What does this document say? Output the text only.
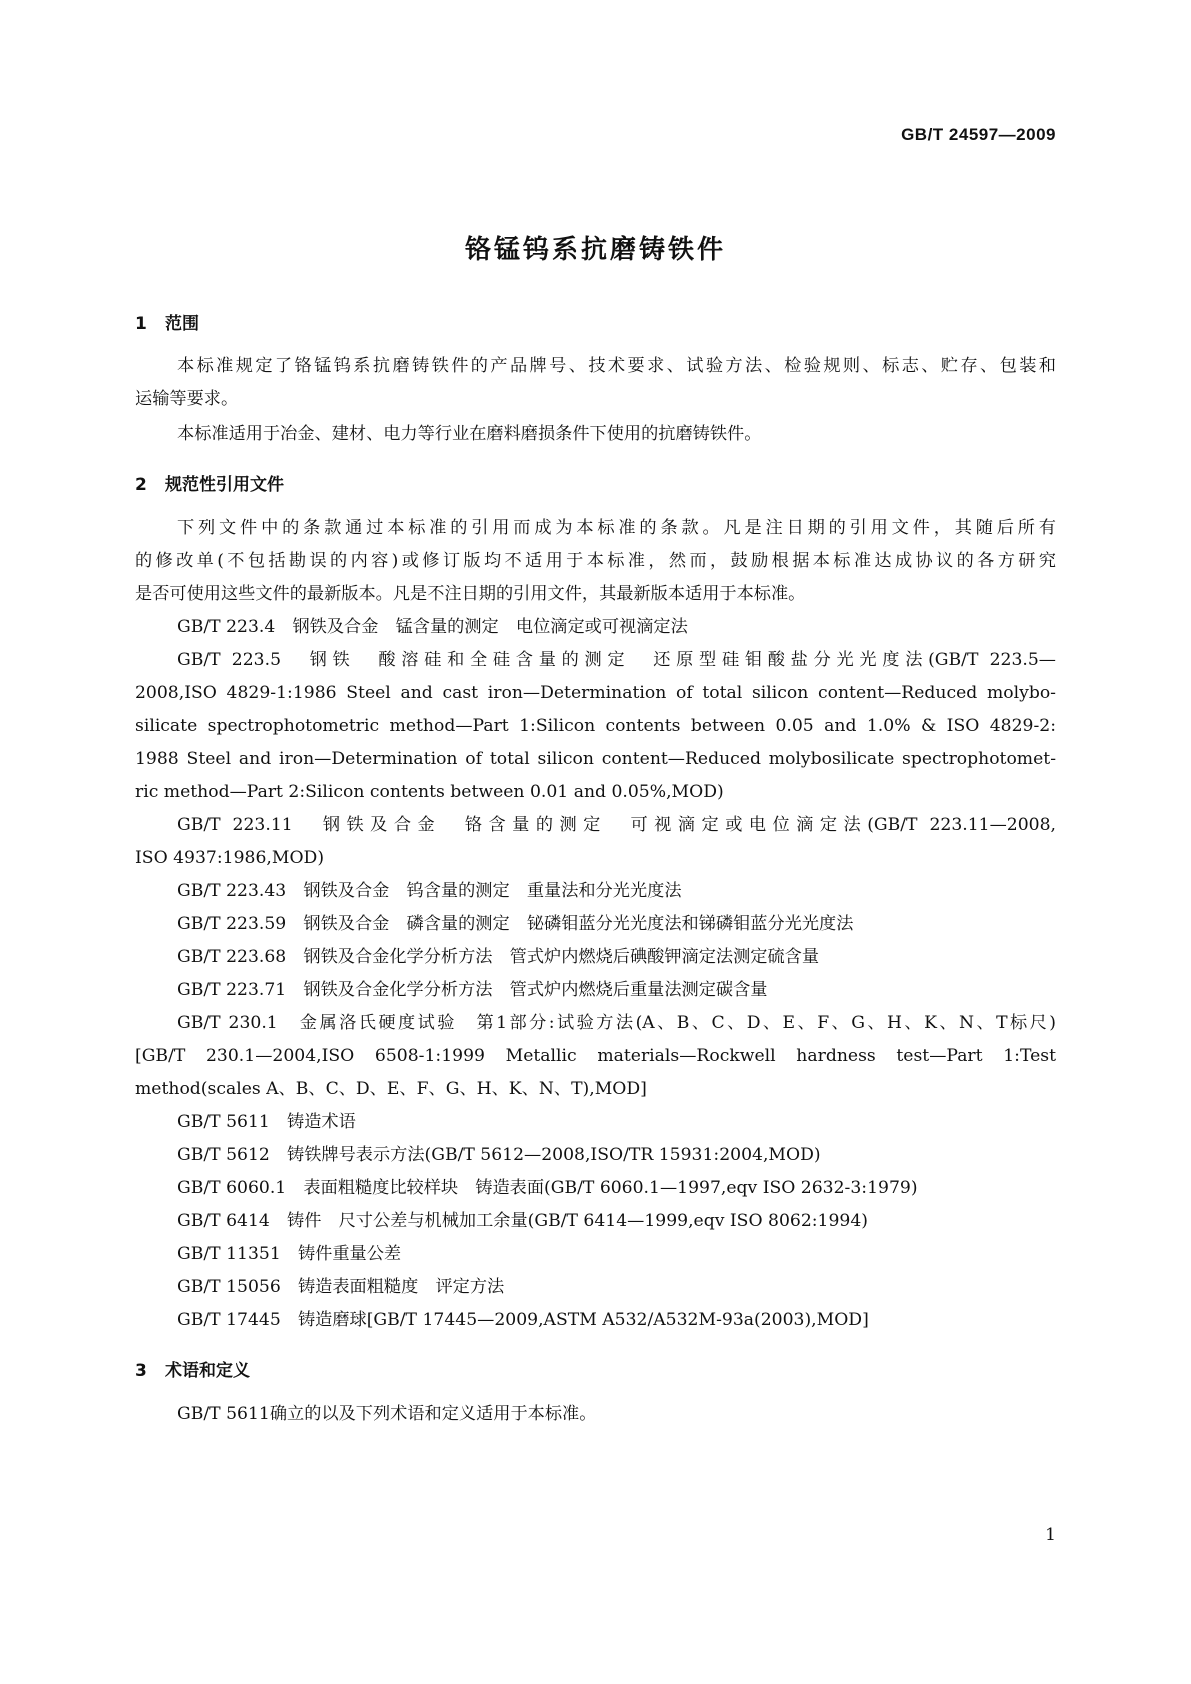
GB/T 24597—2009
铬锰钨系抗磨铸铁件
1 范围
本标准规定了铬锰钨系抗磨铸铁件的产品牌号、技术要求、试验方法、检验规则、标志、贮存、包装和
运输等要求。
本标准适用于冶金、建材、电力等行业在磨料磨损条件下使用的抗磨铸铁件。
2 规范性引用文件
下列文件中的条款通过本标准的引用而成为本标准的条款。凡是注日期的引用文件，其随后所有
的修改单(不包括勘误的内容)或修订版均不适用于本标准，然而，鼓励根据本标准达成协议的各方研究
是否可使用这些文件的最新版本。凡是不注日期的引用文件，其最新版本适用于本标准。
GB/T 223.4　钢铁及合金　锰含量的测定　电位滴定或可视滴定法
GB/T 223.5　钢铁　酸溶硅和全硅含量的测定　还原型硅钼酸盐分光光度法(GB/T 223.5—
2008,ISO 4829-1:1986 Steel and cast iron—Determination of total silicon content—Reduced molybo-
silicate spectrophotometric method—Part 1:Silicon contents between 0.05 and 1.0% & ISO 4829-2:
1988 Steel and iron—Determination of total silicon content—Reduced molybosilicate spectrophotomet-
ric method—Part 2:Silicon contents between 0.01 and 0.05%,MOD)
GB/T 223.11　钢铁及合金　铬含量的测定　可视滴定或电位滴定法(GB/T 223.11—2008,
ISO 4937:1986,MOD)
GB/T 223.43　钢铁及合金　钨含量的测定　重量法和分光光度法
GB/T 223.59　钢铁及合金　磷含量的测定　铋磷钼蓝分光光度法和锑磷钼蓝分光光度法
GB/T 223.68　钢铁及合金化学分析方法　管式炉内燃烧后碘酸钾滴定法测定硫含量
GB/T 223.71　钢铁及合金化学分析方法　管式炉内燃烧后重量法测定碳含量
GB/T 230.1　金属洛氏硬度试验　第1部分:试验方法(A、B、C、D、E、F、G、H、K、N、T标尺)
[GB/T 230.1—2004,ISO 6508-1:1999 Metallic materials—Rockwell hardness test—Part 1:Test
method(scales A、B、C、D、E、F、G、H、K、N、T),MOD]
GB/T 5611　铸造术语
GB/T 5612　铸铁牌号表示方法(GB/T 5612—2008,ISO/TR 15931:2004,MOD)
GB/T 6060.1　表面粗糙度比较样块　铸造表面(GB/T 6060.1—1997,eqv ISO 2632-3:1979)
GB/T 6414　铸件　尺寸公差与机械加工余量(GB/T 6414—1999,eqv ISO 8062:1994)
GB/T 11351　铸件重量公差
GB/T 15056　铸造表面粗糙度　评定方法
GB/T 17445　铸造磨球[GB/T 17445—2009,ASTM A532/A532M-93a(2003),MOD]
3 术语和定义
GB/T 5611确立的以及下列术语和定义适用于本标准。
1
